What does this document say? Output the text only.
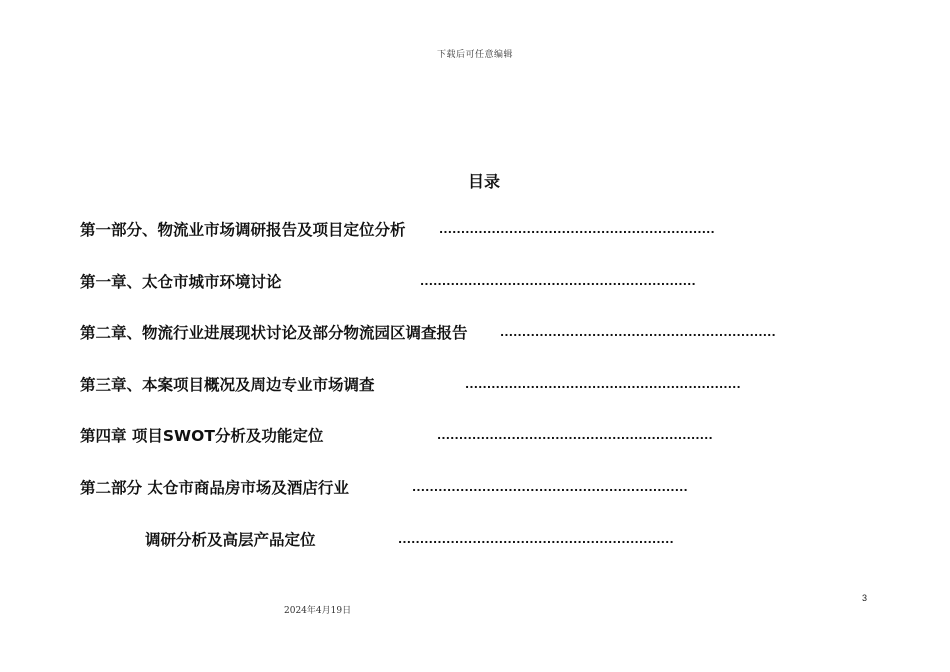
下载后可任意编辑
目录
第一部分、物流业市场调研报告及项目定位分析	...............................................................
第一章、太仓市城市环境讨论	...............................................................
第二章、物流行业进展现状讨论及部分物流园区调查报告	...............................................................
第三章、本案项目概况及周边专业市场调查	...............................................................
第四章 项目SWOT分析及功能定位	...............................................................
第二部分 太仓市商品房市场及酒店行业	...............................................................
调研分析及高层产品定位	...............................................................
3
2024年4月19日
